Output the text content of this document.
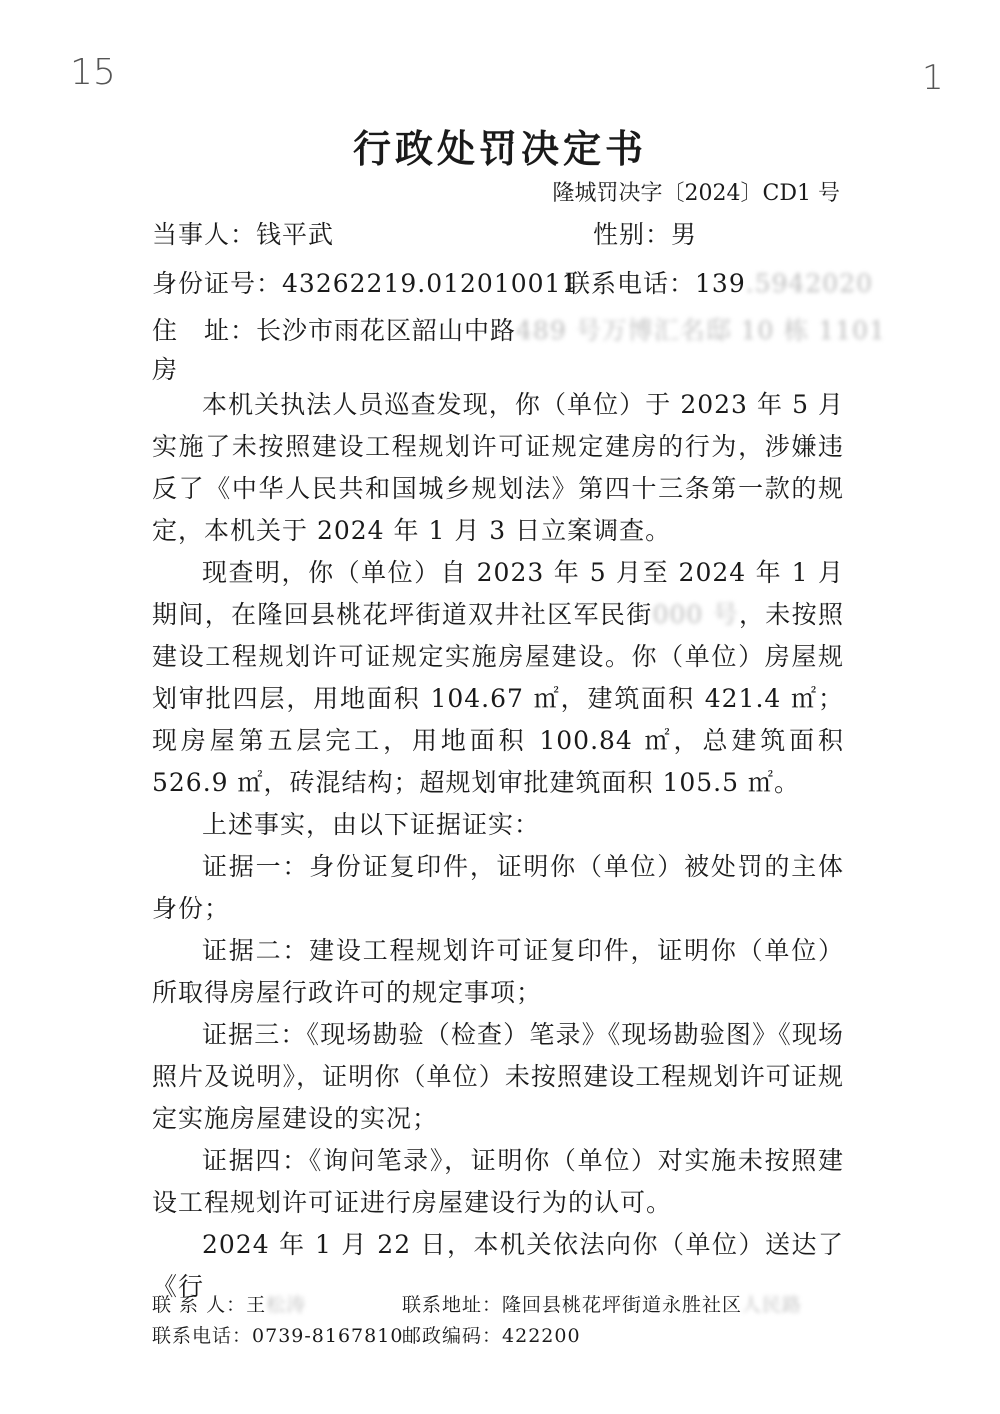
15	1
行政处罚决定书
隆城罚决字〔2024〕CD1 号
当事人：钱平武	性别：男
身份证号：43262219.012010011
联系电话：139.5942020
住　址：长沙市雨花区韶山中路489 号万博汇名邸 10 栋 1101
房
本机关执法人员巡查发现，你（单位）于 2023 年 5 月实施了未按照建设工程规划许可证规定建房的行为，涉嫌违反了《中华人民共和国城乡规划法》第四十三条第一款的规定，本机关于 2024 年 1 月 3 日立案调查。
现查明，你（单位）自 2023 年 5 月至 2024 年 1 月期间，在隆回县桃花坪街道双井社区军民街000 号，未按照建设工程规划许可证规定实施房屋建设。你（单位）房屋规划审批四层，用地面积 104.67 ㎡，建筑面积 421.4 ㎡；现房屋第五层完工，用地面积 100.84 ㎡，总建筑面积 526.9 ㎡，砖混结构；超规划审批建筑面积 105.5 ㎡。
上述事实，由以下证据证实：
证据一：身份证复印件，证明你（单位）被处罚的主体身份；
证据二：建设工程规划许可证复印件，证明你（单位）所取得房屋行政许可的规定事项；
证据三：《现场勘验（检查）笔录》《现场勘验图》《现场照片及说明》，证明你（单位）未按照建设工程规划许可证规定实施房屋建设的实况；
证据四：《询问笔录》，证明你（单位）对实施未按照建设工程规划许可证进行房屋建设行为的认可。
2024 年 1 月 22 日，本机关依法向你（单位）送达了《行
联 系 人：王松涛	联系地址：隆回县桃花坪街道永胜社区人民路
联系电话：0739-8167810
邮政编码：422200
